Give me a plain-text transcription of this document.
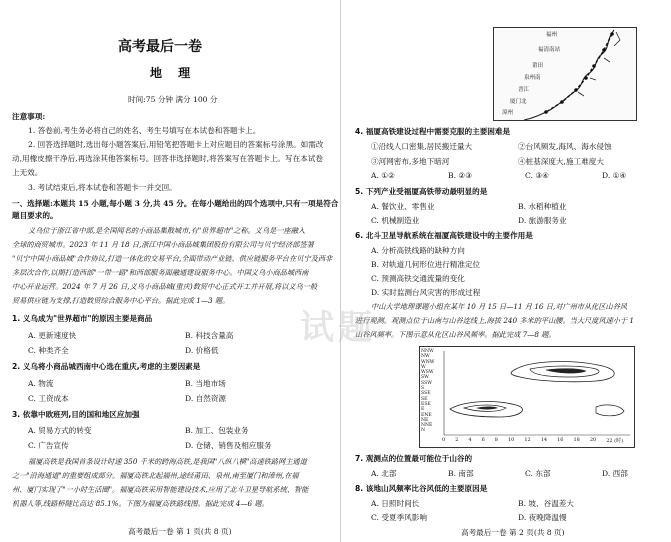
高考最后一卷
地 理
时间:75 分钟 满分 100 分
注意事项:
1. 答卷前,考生务必将自己的姓名、考生号填写在本试卷和答题卡上。
2. 回答选择题时,选出每小题答案后,用铅笔把答题卡上对应题目的答案标号涂黑。如需改
动,用橡皮擦干净后,再选涂其他答案标号。回答非选择题时,将答案写在答题卡上。写在本试卷
上无效。
3. 考试结束后,将本试卷和答题卡一并交回。
一、选择题:本题共 15 小题,每小题 3 分,共 45 分。在每小题给出的四个选项中,只有一项是符合
题目要求的。
义乌位于浙江省中部,是全国闻名的小商品集散城市,有"世界超市"之称。义乌是一座融入
全球的商贸城市。2023 年 11 月 18 日,浙江中国小商品城集团股份有限公司与贝宁经济部签署
"贝宁中国小商品城"合作协议,打造一体化的交易平台,全面带动产业链、供应链服务平台在贝宁及西非
多层次合作,以期打造西部"一带一路"和西部服务面融通建设服务中心。中国义乌小商品城西南
中心开业运营。2024 年 7 月 26 日,义乌小商品城(重庆)数贸中心正式开工并开展,将以义乌一般
贸易供应链为支撑,打造数贸综合服务中心平台。据此完成 1—3 题。
1. 义乌成为"世界超市"的原因主要是商品
A. 更新速度快	B. 科技含量高
C. 种类齐全	D. 价格低
2. 义乌将小商品城西南中心选在重庆,考虑的主要因素是
A. 物流	B. 当地市场
C. 工资成本	D. 自然资源
3. 依靠中欧班列,目的国和地区应加强
A. 贸易方式的转变	B. 加工、包装业务
C. 广告宣传	D. 仓储、销售及相应服务
福厦高铁是我国首条设计时速 350 千米的跨海高铁,是我国"八纵八横"高速铁路网主通道
之一"沿海通道"的重要组成部分。福厦高铁北起福州,途经莆田、泉州,南至厦门和漳州,在福
州、厦门实现了"一小时生活圈"。福厦高铁采用智能建设技术,应用了北斗卫星导航系统、智能
机器人等,线路桥隧比高达 85.1%。下图为福厦高铁路线图。据此完成 4—6 题。
高考最后一卷 第 1 页(共 8 页)
福州
福清南站
莆田
泉州南
晋江
厦门北
漳州
4. 福厦高铁建设过程中需要克服的主要困难是
①沿线人口密集,居民搬迁量大	②台风频发,海风、海水侵蚀
③河网密布,多地下暗河	④桩基深度大,施工难度大
A. ①②	B. ②③	C. ③④	D. ①④
5. 下列产业受福厦高铁带动最明显的是
A. 餐饮业、零售业	B. 水稻种植业
C. 机械制造业	D. 旅游服务业
6. 北斗卫星导航系统在福厦高铁建设中的主要作用是
A. 分析高铁线路的缺种方向
B. 对轨道几何形位进行精准定位
C. 预测高铁交通流量的变化
D. 实时监测台风灾害的形成过程
中山大学地理课题小组在某年 10 月 15 日—11 月 16 日,对广州市从化区山谷风
进行观测。观测点位于山南与山谷连线上,海拔 240 多米的平山腰。当大尺度风速小于 1
山谷风频率。下图示意从化区山谷风频率。据此完成 7—8 题。
NNW
NW
WNW
W
WSW
SW
SSW
S
SSE
SE
ESE
E
ENE
NE
NNE
N
0 2 4 6 8 10 12 14 16 18 20 22 (时)
7. 观测点的位置最可能位于山谷的
A. 北部	B. 南部	C. 东部	D. 西部
8. 该地山风频率比谷风低的主要原因是
A. 日照时间长	B. 坡、谷温差大
C. 受夏季风影响	D. 夜晚降温慢
高考最后一卷 第 2 页(共 8 页)
试题
